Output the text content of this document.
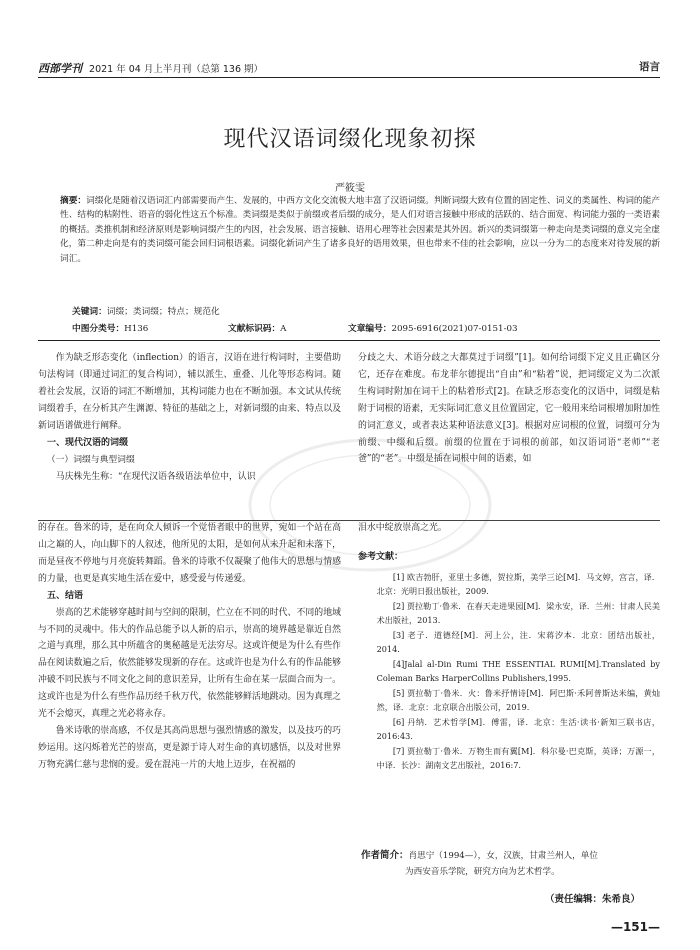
西部学刊 2021 年 04 月上半月刊（总第 136 期）	语言
现代汉语词缀化现象初探
严筱雯
摘要：词缀化是随着汉语词汇内部需要而产生、发展的，中西方文化交流极大地丰富了汉语词缀。判断词缀大致有位置的固定性、词义的类属性、构词的能产性、结构的粘附性、语音的弱化性这五个标准。类词缀是类似于前缀或者后缀的成分，是人们对语言接触中形成的活跃的、结合面宽、构词能力强的一类语素的概括。类推机制和经济原则是影响词缀产生的内因，社会发展、语言接触、语用心理等社会因素是其外因。新兴的类词缀第一种走向是类词缀的意义完全虚化，第二种走向是有的类词缀可能会回归词根语素。词缀化新词产生了诸多良好的语用效果，但也带来不佳的社会影响，应以一分为二的态度来对待发展的新词汇。
关键词：词缀；类词缀；特点；规范化
中图分类号：H136	文献标识码：A	文章编号：2095-6916(2021)07-0151-03

作为缺乏形态变化（inflection）的语言，汉语在进行构词时，主要借助句法构词（即通过词汇的复合构词），辅以派生、重叠、儿化等形态构词。随着社会发展，汉语的词汇不断增加，其构词能力也在不断加强。本文试从传统词缀着手，在分析其产生渊源、特征的基础之上，对新词缀的由来、特点以及新词语谱做进行阐释。

一、现代汉语的词缀
（一）词缀与典型词缀

马庆株先生称：“在现代汉语各级语法单位中，认识

分歧之大、术语分歧之大都莫过于词缀”[1]。如何给词缀下定义且正确区分它，还存在难度。布龙菲尔德提出“自由”和“粘着”说，把词缀定义为二次派生构词时附加在词干上的粘着形式[2]。在缺乏形态变化的汉语中，词缀是粘附于词根的语素，无实际词汇意义且位置固定，它一般用来给词根增加附加性的词汇意义，或者表达某种语法意义[3]。根据对应词根的位置，词缀可分为前缀、中缀和后缀。前缀的位置在于词根的前部，如汉语词语“老师”“老爸”的“老”。中缀是插在词根中间的语素，如

的存在。鲁米的诗，是在向众人倾诉一个觉悟者眼中的世界，宛如一个站在高山之巅的人，向山脚下的人叙述，他所见的太阳，是如何从未升起和未落下，而是昼夜不停地与月亮旋转舞蹈。鲁米的诗歌不仅凝聚了他伟大的思想与情感的力量，也更是真实地生活在爱中，感受爱与传递爱。

五、结语

崇高的艺术能够穿越时间与空间的限制，伫立在不同的时代、不同的地域与不同的灵魂中。伟大的作品总能予以人新的启示，崇高的境界越是靠近自然之道与真理，那么其中所蕴含的奥秘越是无法穷尽。这或许便是为什么有些作品在阅读数遍之后，依然能够发现新的存在。这或许也是为什么有的作品能够冲破不同民族与不同文化之间的意识差异，让所有生命在某一层面合而为一。这或许也是为什么有些作品历经千秋万代，依然能够鲜活地跳动。因为真理之光不会熄灭，真理之光必将永存。

鲁米诗歌的崇高感，不仅是其高尚思想与强烈情感的激发，以及技巧的巧妙运用。这闪烁着光芒的崇高，更是源于诗人对生命的真切感悟，以及对世界万物充满仁慈与悲悯的爱。爱在混沌一片的大地上迈步，在祝福的

泪水中绽放崇高之光。

参考文献：

[1] 欧吉勃肝，亚里士多德，贺拉斯，美学三论[M]．马文婷，宫言，译．北京：光明日报出版社，2009.

[2] 贾拉勒丁·鲁米．在春天走进果园[M]．梁永安，译．兰州：甘肃人民美术出版社，2013.

[3] 老子．道德经[M]．河上公，注．宋蒋汐本．北京：团结出版社，2014.

[4]Jalal al-Din Rumi THE ESSENTIAL RUMI[M].Translated by Coleman Barks HarperCollins Publishers,1995.

[5] 贾拉勒丁·鲁米．火：鲁米抒情诗[M]．阿巴斯·禾阿普斯达米编，黄灿然，译．北京：北京联合出版公司，2019.

[6] 丹纳．艺术哲学[M]．傅雷，译．北京：生活·读书·新知三联书店，2016:43.

[7] 贾拉勒丁·鲁米．万物生而有翼[M]．科尔曼·巴克斯，英译；万源一，中译．长沙：湖南文艺出版社，2016:7.

作者简介：肖思宁（1994—），女，汉族，甘肃兰州人，单位
为西安音乐学院，研究方向为艺术哲学。
（责任编辑：朱希良）
—151—
